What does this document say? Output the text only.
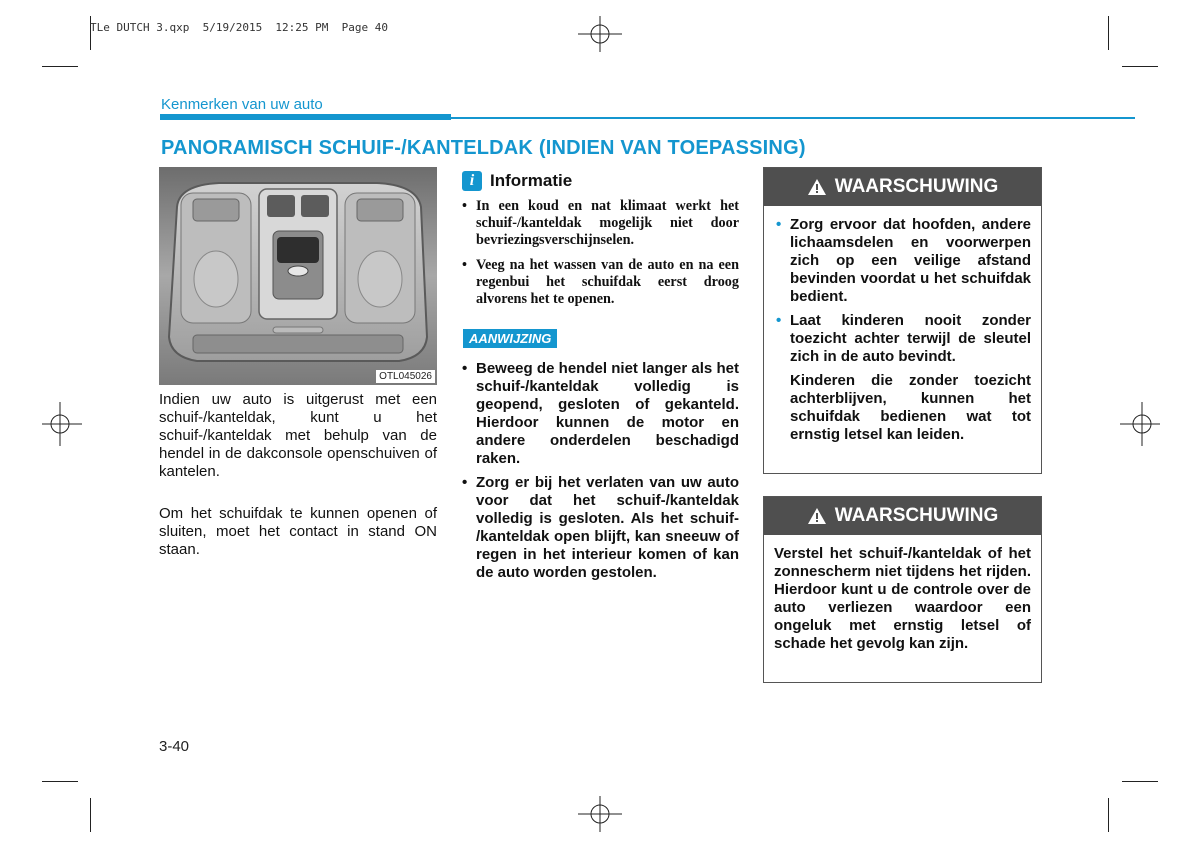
TLe DUTCH 3.qxp  5/19/2015  12:25 PM  Page 40
Kenmerken van uw auto
PANORAMISCH SCHUIF-/KANTELDAK (INDIEN VAN TOEPASSING)
OTL045026

Indien uw auto is uitgerust met een schuif-/kanteldak, kunt u het schuif-/kanteldak met behulp van de hendel in de dakconsole openschuiven of kantelen.

Om het schuifdak te kunnen openen of sluiten, moet het contact in stand ON staan.

i Informatie
• In een koud en nat klimaat werkt het schuif-/kanteldak mogelijk niet door bevriezingsverschijnselen.
• Veeg na het wassen van de auto en na een regenbui het schuifdak eerst droog alvorens het te openen.
AANWIJZING
• Beweeg de hendel niet langer als het schuif-/kanteldak volledig is geopend, gesloten of gekanteld. Hierdoor kunnen de motor en andere onderdelen beschadigd raken.
• Zorg er bij het verlaten van uw auto voor dat het schuif-/kanteldak volledig is gesloten. Als het schuif- /kanteldak open blijft, kan sneeuw of regen in het interieur komen of kan de auto worden gestolen.
WAARSCHUWING
• Zorg ervoor dat hoofden, andere lichaamsdelen en voorwerpen zich op een veilige afstand bevinden voordat u het schuifdak bedient.
• Laat kinderen nooit zonder toezicht achter terwijl de sleutel zich in de auto bevindt.
Kinderen die zonder toezicht achterblijven, kunnen het schuifdak bedienen wat tot ernstig letsel kan leiden.
WAARSCHUWING
Verstel het schuif-/kanteldak of het zonnescherm niet tijdens het rijden. Hierdoor kunt u de controle over de auto verliezen waardoor een ongeluk met ernstig letsel of schade het gevolg kan zijn.
3-40
